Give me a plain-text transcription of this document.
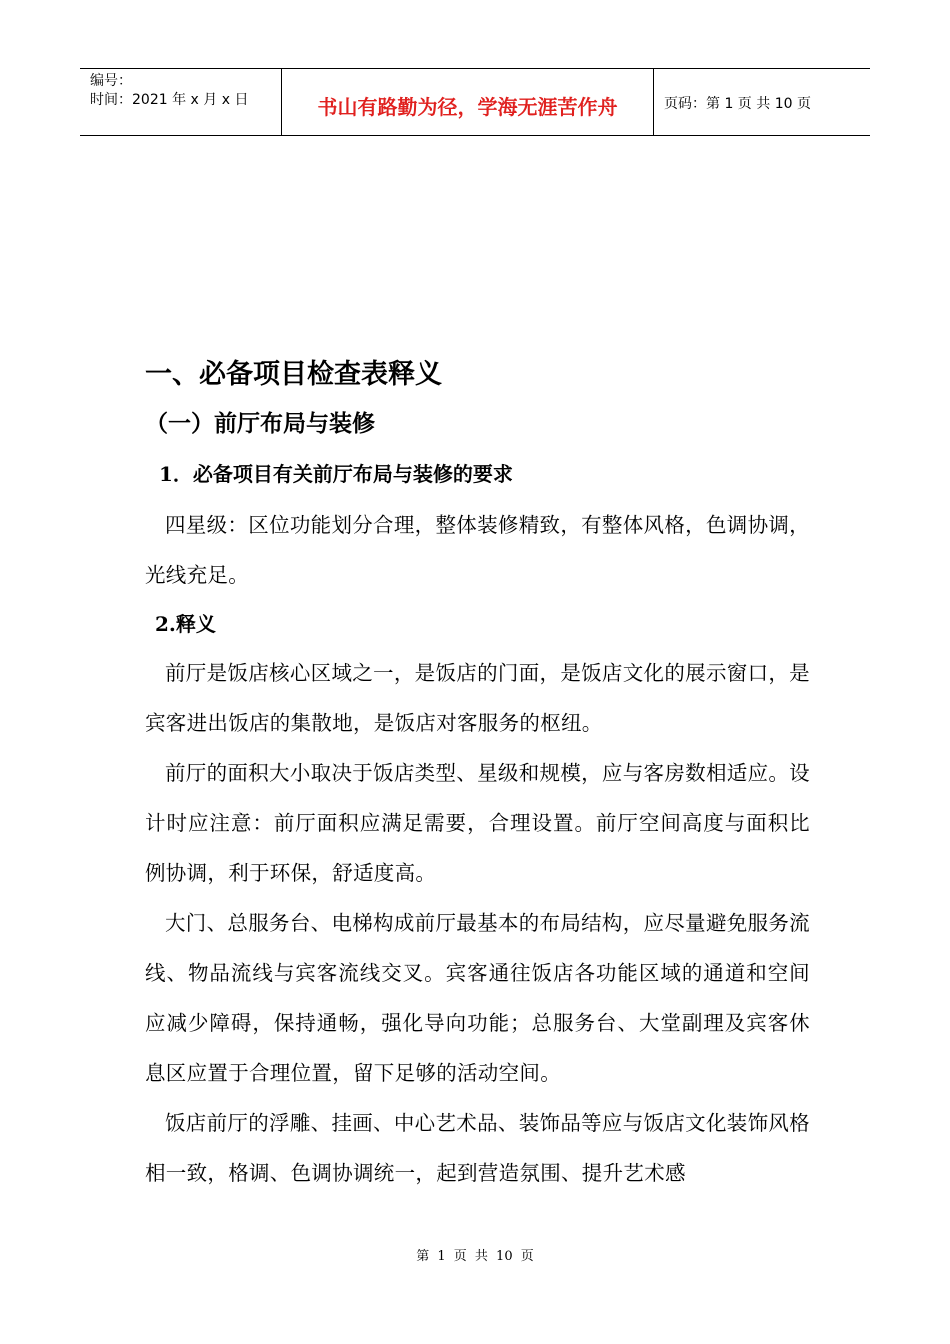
编号：
时间：2021 年 x 月 x 日	书山有路勤为径，学海无涯苦作舟	页码：第 1 页 共 10 页
一、必备项目检查表释义
（一）前厅布局与装修
1．必备项目有关前厅布局与装修的要求

四星级：区位功能划分合理，整体装修精致，有整体风格，色调协调，光线充足。

2.释义

前厅是饭店核心区域之一，是饭店的门面，是饭店文化的展示窗口，是宾客进出饭店的集散地，是饭店对客服务的枢纽。

前厅的面积大小取决于饭店类型、星级和规模，应与客房数相适应。设计时应注意：前厅面积应满足需要，合理设置。前厅空间高度与面积比例协调，利于环保，舒适度高。

大门、总服务台、电梯构成前厅最基本的布局结构，应尽量避免服务流线、物品流线与宾客流线交叉。宾客通往饭店各功能区域的通道和空间应减少障碍，保持通畅，强化导向功能；总服务台、大堂副理及宾客休息区应置于合理位置，留下足够的活动空间。

饭店前厅的浮雕、挂画、中心艺术品、装饰品等应与饭店文化装饰风格相一致，格调、色调协调统一，起到营造氛围、提升艺术感

第 1 页 共 10 页
